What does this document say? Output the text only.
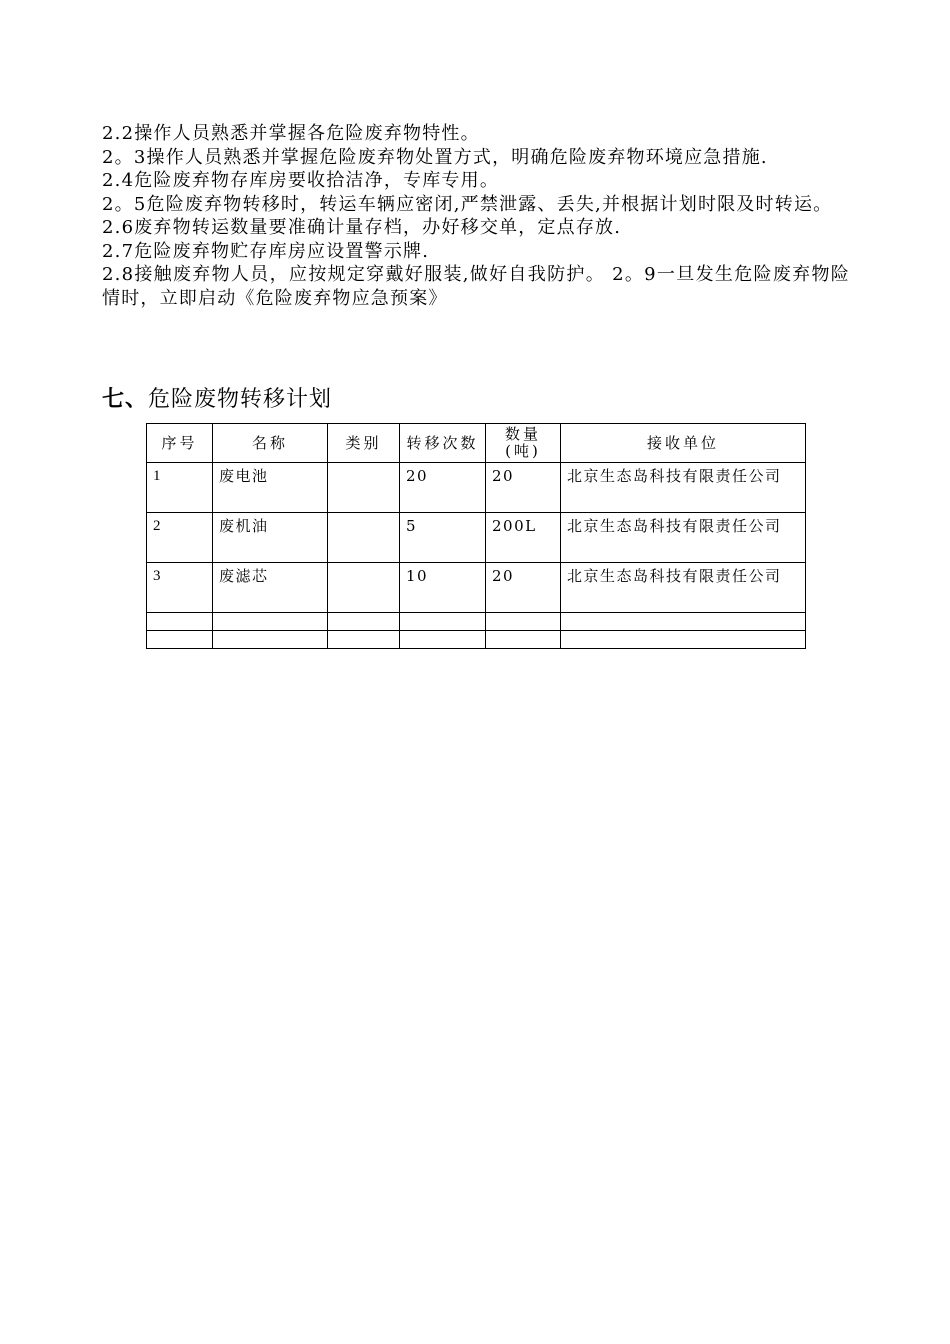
2.2操作人员熟悉并掌握各危险废弃物特性。

2。3操作人员熟悉并掌握危险废弃物处置方式，明确危险废弃物环境应急措施.

2.4危险废弃物存库房要收拾洁净，专库专用。

2。5危险废弃物转移时，转运车辆应密闭,严禁泄露、丢失,并根据计划时限及时转运。

2.6废弃物转运数量要准确计量存档，办好移交单，定点存放.

2.7危险废弃物贮存库房应设置警示牌.

2.8接触废弃物人员，应按规定穿戴好服装,做好自我防护。 2。9一旦发生危险废弃物险情时，立即启动《危险废弃物应急预案》

七、危险废物转移计划
序号	名称	类别	转移次数	数量(吨)	接收单位
1	废电池		20	20	北京生态岛科技有限责任公司
2	废机油		5	200L	北京生态岛科技有限责任公司
3	废滤芯		10	20	北京生态岛科技有限责任公司
